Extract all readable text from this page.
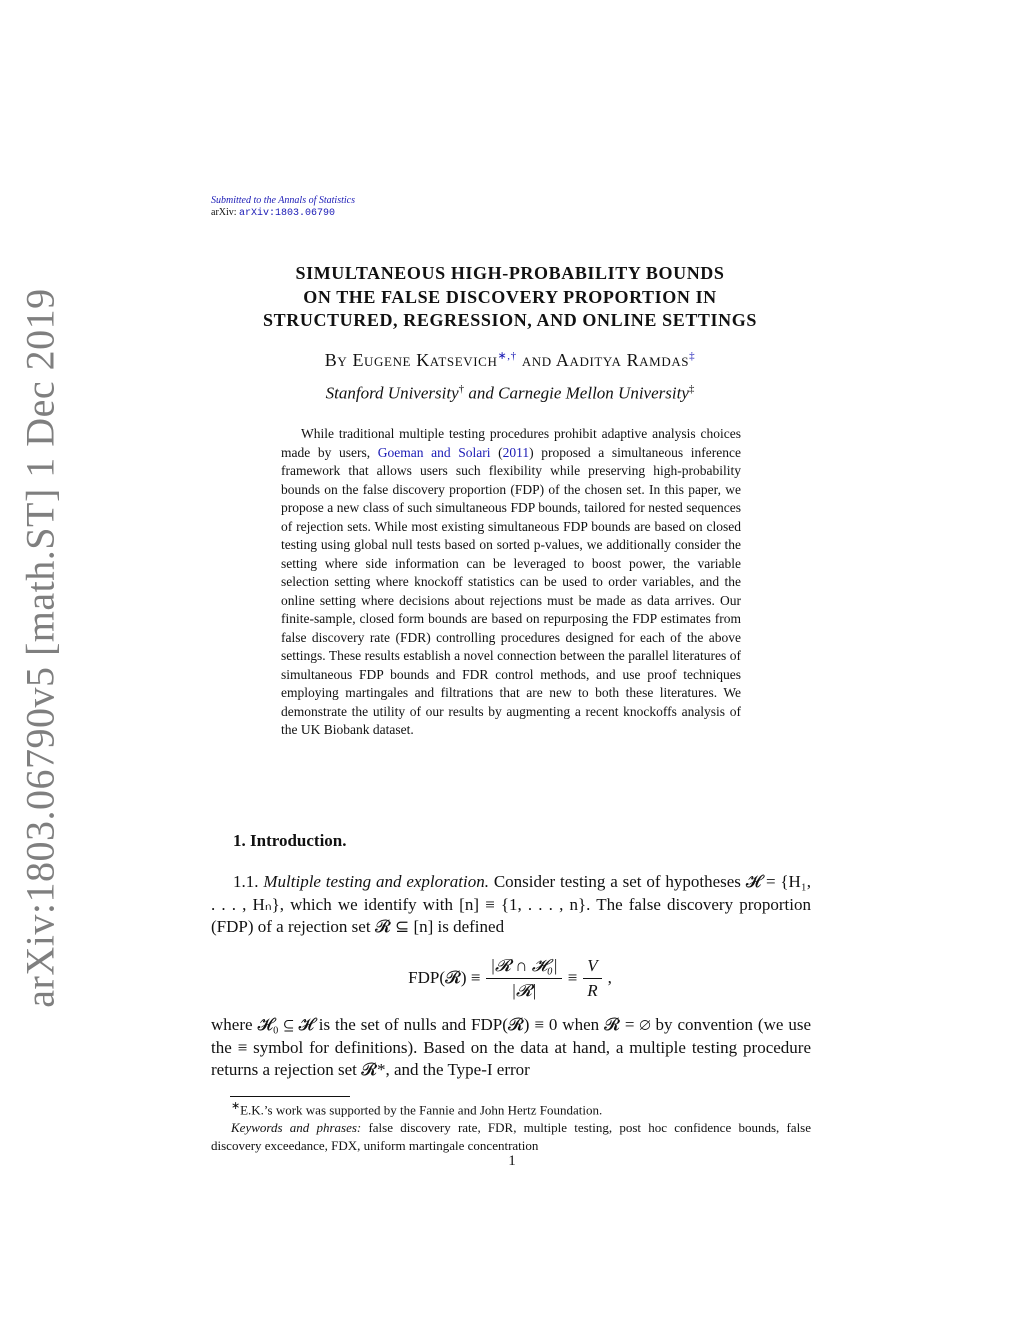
arXiv:1803.06790v5 [math.ST] 1 Dec 2019
Submitted to the Annals of Statistics
arXiv: arXiv:1803.06790
SIMULTANEOUS HIGH-PROBABILITY BOUNDS
ON THE FALSE DISCOVERY PROPORTION IN
STRUCTURED, REGRESSION, AND ONLINE SETTINGS
By Eugene Katsevich∗,† and Aaditya Ramdas‡
Stanford University† and Carnegie Mellon University‡
While traditional multiple testing procedures prohibit adaptive analysis choices made by users, Goeman and Solari (2011) proposed a simultaneous inference framework that allows users such flexibility while preserving high-probability bounds on the false discovery proportion (FDP) of the chosen set. In this paper, we propose a new class of such simultaneous FDP bounds, tailored for nested sequences of rejection sets. While most existing simultaneous FDP bounds are based on closed testing using global null tests based on sorted p-values, we additionally consider the setting where side information can be leveraged to boost power, the variable selection setting where knockoff statistics can be used to order variables, and the online setting where decisions about rejections must be made as data arrives. Our finite-sample, closed form bounds are based on repurposing the FDP estimates from false discovery rate (FDR) controlling procedures designed for each of the above settings. These results establish a novel connection between the parallel literatures of simultaneous FDP bounds and FDR control methods, and use proof techniques employing martingales and filtrations that are new to both these literatures. We demonstrate the utility of our results by augmenting a recent knockoffs analysis of the UK Biobank dataset.
1. Introduction.
1.1. Multiple testing and exploration. Consider testing a set of hypotheses 𝓗 = {H₁, . . . , Hₙ}, which we identify with [n] ≡ {1, . . . , n}. The false discovery proportion (FDP) of a rejection set 𝓡 ⊆ [n] is defined
FDP(𝓡) ≡ $\frac{\text{|𝓡 ∩ 𝓗₀|}}{\text{|𝓡|}} \equiv \frac{V}{R}$ ,
where 𝓗₀ ⊆ 𝓗 is the set of nulls and FDP(𝓡) ≡ 0 when 𝓡 = ∅ by convention (we use the ≡ symbol for definitions). Based on the data at hand, a multiple testing procedure returns a rejection set 𝓡*, and the Type-I error
∗E.K.’s work was supported by the Fannie and John Hertz Foundation.
Keywords and phrases: false discovery rate, FDR, multiple testing, post hoc confidence bounds, false discovery exceedance, FDX, uniform martingale concentration
1
